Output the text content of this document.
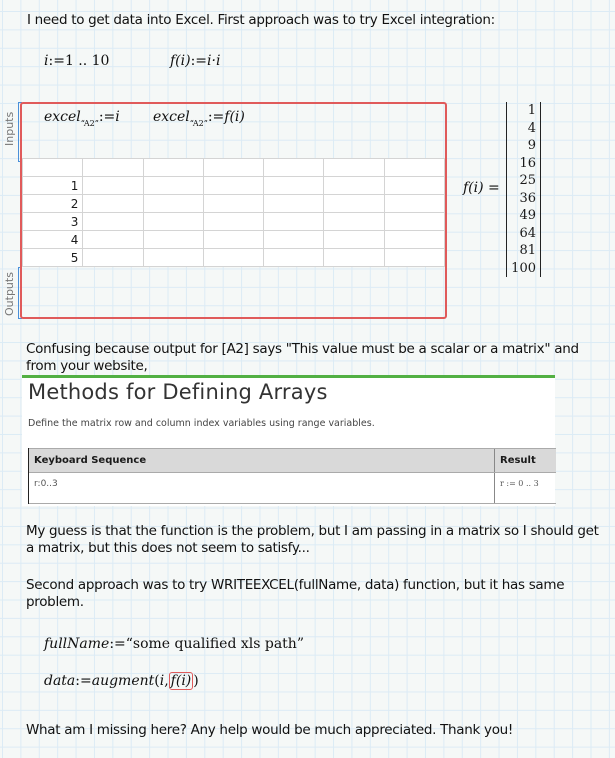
I need to get data into Excel. First approach was to try Excel integration:
i:=1 .. 10	f(i):=i·i
Inputs
Outputs
excel$_{“A2”}$:=i excel$_{“A2”}$:=f(i)

1						
2						
3						
4						
5						
f(i) =
1
4
9
16
25
36
49
64
81
100
Confusing because output for [A2] says "This value must be a scalar or a matrix" and from your website,
Methods for Defining Arrays
Define the matrix row and column index variables using range variables.
Keyboard Sequence	Result
r:0..3	r := 0 .. 3
My guess is that the function is the problem, but I am passing in a matrix so I should get a matrix, but this does not seem to satisfy...
Second approach was to try WRITEEXCEL(fullName, data) function, but it has same problem.
fullName:=“some qualified xls path”
data:=augment(i, f(i) )
What am I missing here? Any help would be much appreciated. Thank you!
